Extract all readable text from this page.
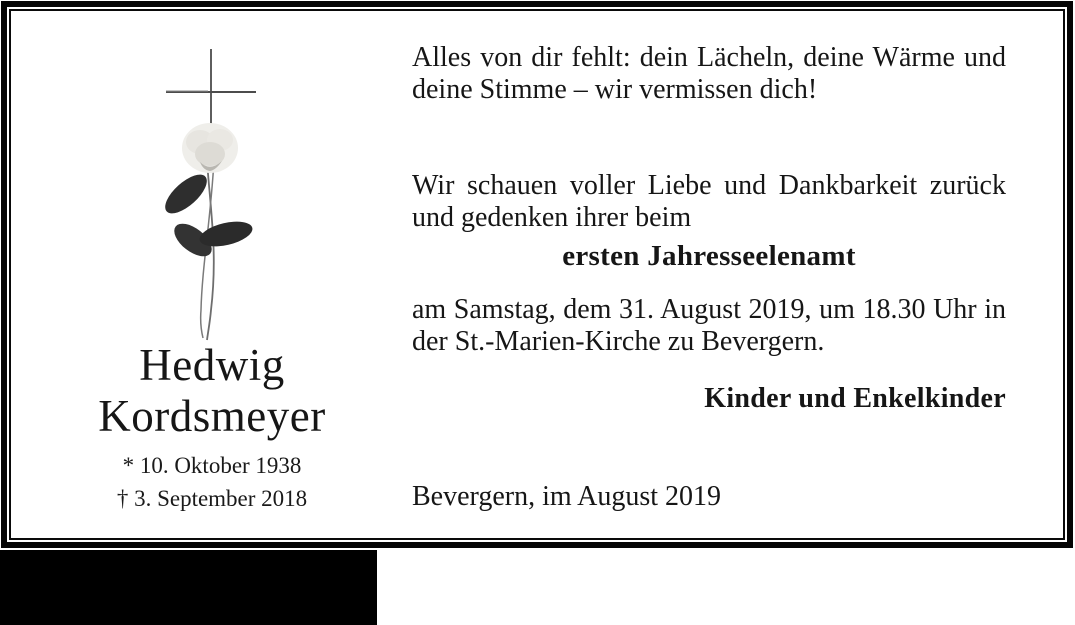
Hedwig
Kordsmeyer
* 10. Oktober 1938
† 3. September 2018
Alles von dir fehlt: dein Lächeln, deine Wärme und
deine Stimme – wir vermissen dich!
Wir schauen voller Liebe und Dankbarkeit zurück
und gedenken ihrer beim
ersten Jahresseelenamt
am Samstag, dem 31. August 2019, um 18.30 Uhr in
der St.-Marien-Kirche zu Bevergern.
Kinder und Enkelkinder
Bevergern, im August 2019
